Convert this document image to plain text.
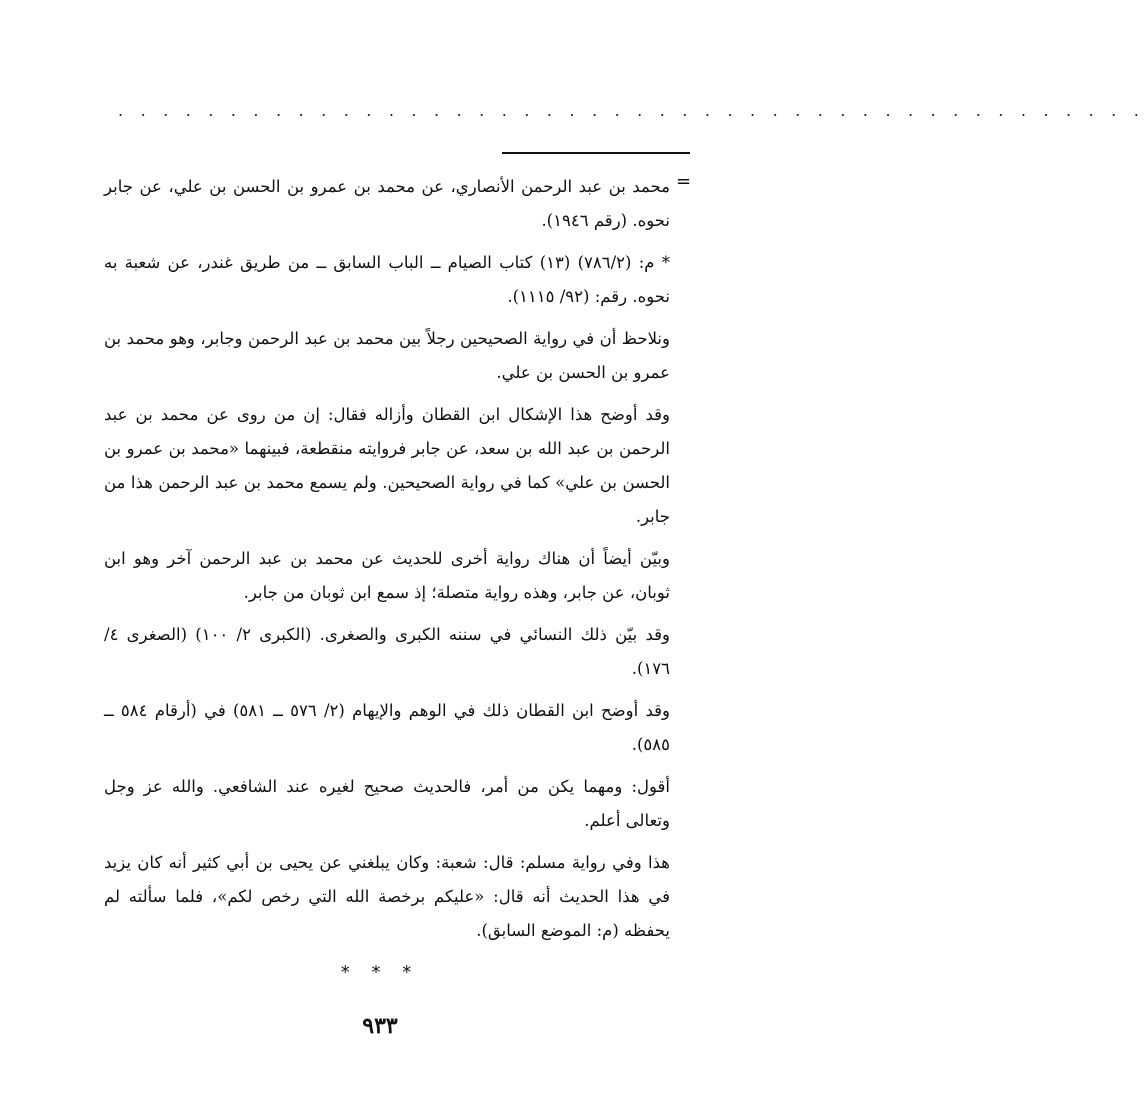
. . . . . . . . . . . . . . . . . . . . . . . . . . . . . . . . . . . . . . . . . . . . . .
=

محمد بن عبد الرحمن الأنصاري، عن محمد بن عمرو بن الحسن بن علي، عن جابر نحوه. (رقم ١٩٤٦).

* م: (٧٨٦/٢) (١٣) كتاب الصيام ــ الباب السابق ــ من طريق غندر، عن شعبة به نحوه. رقم: (٩٢/ ١١١٥).

ونلاحظ أن في رواية الصحيحين رجلاً بين محمد بن عبد الرحمن وجابر، وهو محمد بن عمرو بن الحسن بن علي.

وقد أوضح هذا الإشكال ابن القطان وأزاله فقال: إن من روى عن محمد بن عبد الرحمن بن عبد الله بن سعد، عن جابر فروايته منقطعة، فبينهما «محمد بن عمرو بن الحسن بن علي» كما في رواية الصحيحين. ولم يسمع محمد بن عبد الرحمن هذا من جابر.

وبيّن أيضاً أن هناك رواية أخرى للحديث عن محمد بن عبد الرحمن آخر وهو ابن ثوبان، عن جابر، وهذه رواية متصلة؛ إذ سمع ابن ثوبان من جابر.

وقد بيّن ذلك النسائي في سننه الكبرى والصغرى. (الكبرى ٢/ ١٠٠) (الصغرى ٤/ ١٧٦).

وقد أوضح ابن القطان ذلك في الوهم والإيهام (٢/ ٥٧٦ ــ ٥٨١) في (أرقام ٥٨٤ ــ ٥٨٥).

أقول: ومهما يكن من أمر، فالحديث صحيح لغيره عند الشافعي. والله عز وجل وتعالى أعلم.

هذا وفي رواية مسلم: قال: شعبة: وكان يبلغني عن يحيى بن أبي كثير أنه كان يزيد في هذا الحديث أنه قال: «عليكم برخصة الله التي رخص لكم»، فلما سألته لم يحفظه (م: الموضع السابق).

* * *
٩٣٣
